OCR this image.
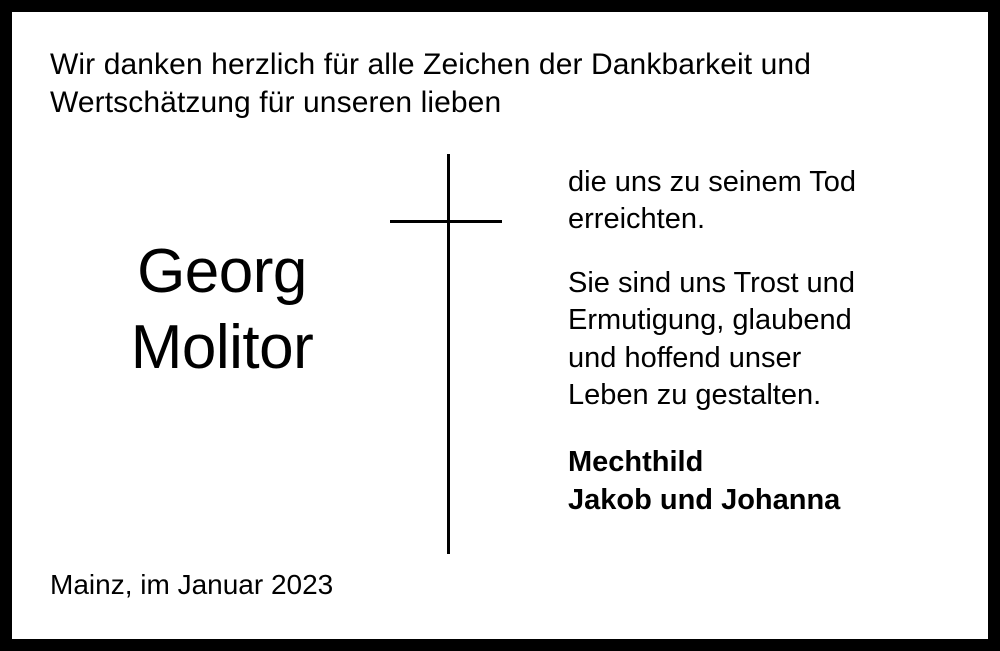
Wir danken herzlich für alle Zeichen der Dankbarkeit und
Wertschätzung für unseren lieben
Georg
Molitor
die uns zu seinem Tod
erreichten.
Sie sind uns Trost und
Ermutigung, glaubend
und hoffend unser
Leben zu gestalten.
Mechthild
Jakob und Johanna
Mainz, im Januar 2023
